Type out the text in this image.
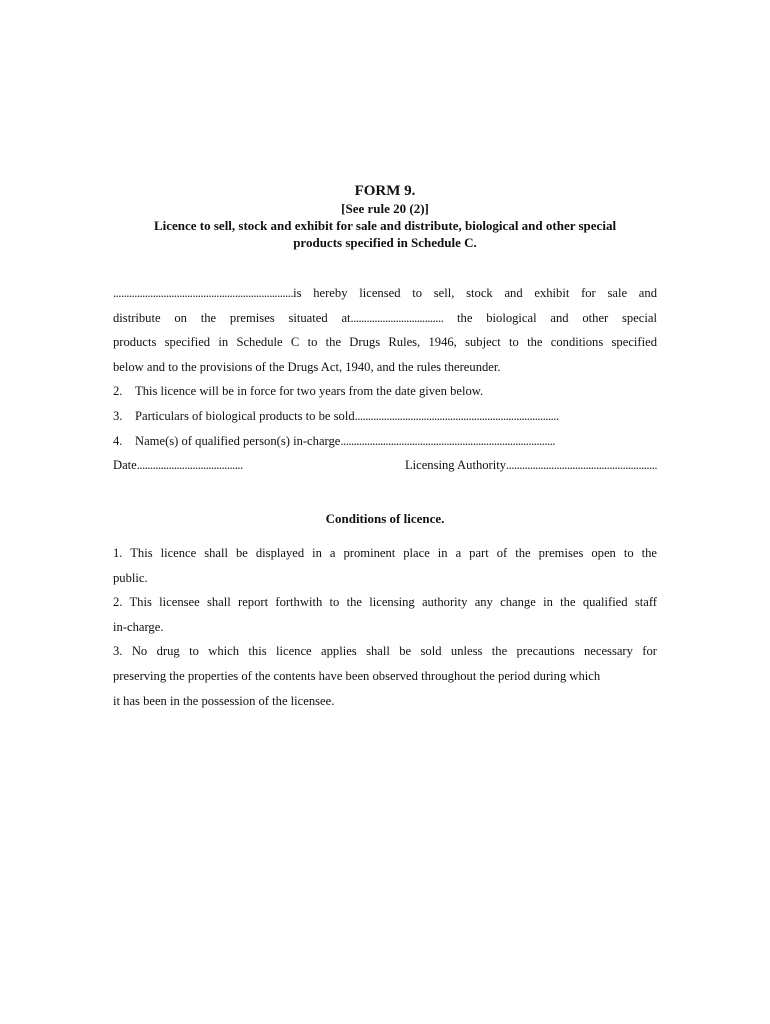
FORM 9.
[See rule 20 (2)]
Licence to sell, stock and exhibit for sale and distribute, biological and other special
products specified in Schedule C.
....................................................................is hereby licensed to sell, stock and exhibit for sale and
distribute on the premises situated at................................... the biological and other special
products specified in Schedule C to the Drugs Rules, 1946, subject to the conditions specified
below and to the provisions of the Drugs Act, 1940, and the rules thereunder.
2. This licence will be in force for two years from the date given below.
3. Particulars of biological products to be sold.............................................................................
4. Name(s) of qualified person(s) in-charge.................................................................................
Date........................................	Licensing Authority.........................................................
Conditions of licence.
1. This licence shall be displayed in a prominent place in a part of the premises open to the
public.
2. This licensee shall report forthwith to the licensing authority any change in the qualified staff
in-charge.
3. No drug to which this licence applies shall be sold unless the precautions necessary for
preserving the properties of the contents have been observed throughout the period during which
it has been in the possession of the licensee.
